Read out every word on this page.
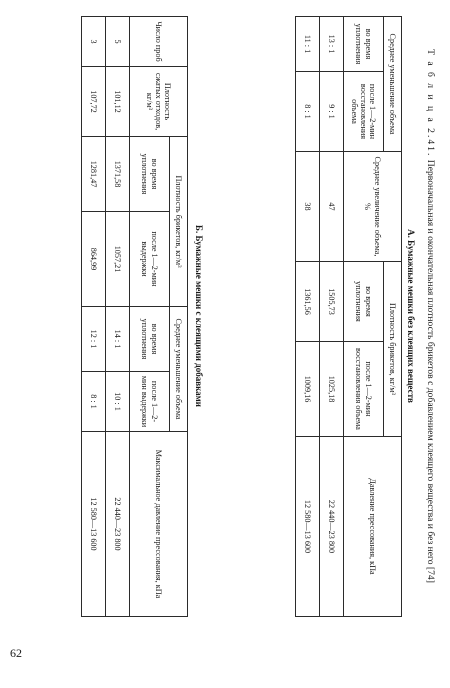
62
Т а б л и ц а 2.41. Первоначальная и окончательная плотность брикетов с добавлением клеящего вещества и без него [74]
А. Бумажные мешки без клеящих веществ
Среднее уменьшение объема		Среднее увеличение объема, %	Плотность брикетов, кг/м³		Давление прессования, кПа
во время уплотнения	после 1—2-мин восстановления объема		во время уплотнения	после 1—2-мин восстановления объема	
13 : 1	9 : 1	47	1505,73	1025,18	22 440—23 800
11 : 1	8 : 1	38	1361,56	1009,16	12 580—13 600
Б. Бумажные мешки с клеящими добавками
Число проб	Плотность сжатых отходов, кг/м³	Плотность брикетов, кг/м³		Среднее уменьшение объема		Максимальное давление прессования, кПа
		во время уплотнения	после 1—2-мин выдержки	во время уплотнения	после 1—2-мин выдержки	
5	101,12	1371,58	1057,21	14 : 1	10 : 1	22 440—23 800
3	107,72	1281,47	864,99	12 : 1	8 : 1	12 580—13 600
